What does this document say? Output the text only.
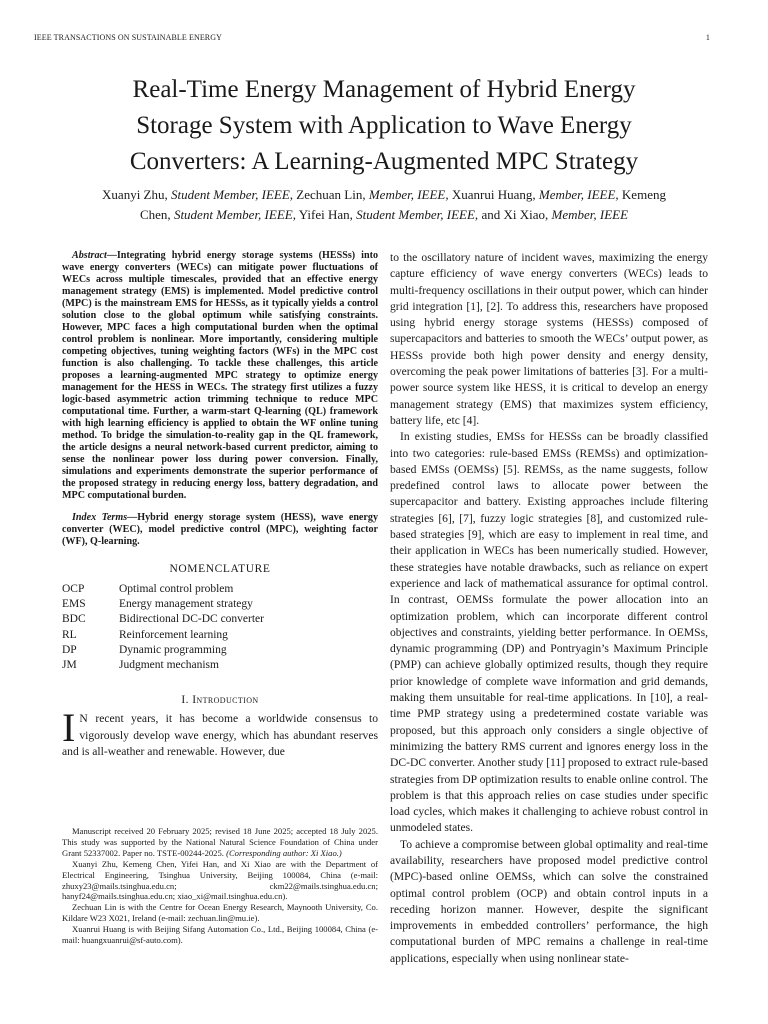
IEEE TRANSACTIONS ON SUSTAINABLE ENERGY	1
Real-Time Energy Management of Hybrid Energy
Storage System with Application to Wave Energy
Converters: A Learning-Augmented MPC Strategy

Xuanyi Zhu, Student Member, IEEE, Zechuan Lin, Member, IEEE, Xuanrui Huang, Member, IEEE, Kemeng Chen, Student Member, IEEE, Yifei Han, Student Member, IEEE, and Xi Xiao, Member, IEEE

Abstract—Integrating hybrid energy storage systems (HESSs) into wave energy converters (WECs) can mitigate power fluctuations of WECs across multiple timescales, provided that an effective energy management strategy (EMS) is implemented. Model predictive control (MPC) is the mainstream EMS for HESSs, as it typically yields a control solution close to the global optimum while satisfying constraints. However, MPC faces a high computational burden when the optimal control problem is nonlinear. More importantly, considering multiple competing objectives, tuning weighting factors (WFs) in the MPC cost function is also challenging. To tackle these challenges, this article proposes a learning-augmented MPC strategy to optimize energy management for the HESS in WECs. The strategy first utilizes a fuzzy logic-based asymmetric action trimming technique to reduce MPC computational time. Further, a warm-start Q-learning (QL) framework with high learning efficiency is applied to obtain the WF online tuning method. To bridge the simulation-to-reality gap in the QL framework, the article designs a neural network-based current predictor, aiming to sense the nonlinear power loss during power conversion. Finally, simulations and experiments demonstrate the superior performance of the proposed strategy in reducing energy loss, battery degradation, and MPC computational burden.

Index Terms—Hybrid energy storage system (HESS), wave energy converter (WEC), model predictive control (MPC), weighting factor (WF), Q-learning.

NOMENCLATURE
OCP	Optimal control problem
EMS	Energy management strategy
BDC	Bidirectional DC-DC converter
RL	Reinforcement learning
DP	Dynamic programming
JM	Judgment mechanism
I. Introduction

I N recent years, it has become a worldwide consensus to vigorously develop wave energy, which has abundant reserves and is all-weather and renewable. However, due

Manuscript received 20 February 2025; revised 18 June 2025; accepted 18 July 2025. This study was supported by the National Natural Science Foundation of China under Grant 52337002. Paper no. TSTE-00244-2025. (Corresponding author: Xi Xiao.)

Xuanyi Zhu, Kemeng Chen, Yifei Han, and Xi Xiao are with the Department of Electrical Engineering, Tsinghua University, Beijing 100084, China (e-mail: zhuxy23@mails.tsinghua.edu.cn; ckm22@mails.tsinghua.edu.cn; hanyf24@mails.tsinghua.edu.cn; xiao_xi@mail.tsinghua.edu.cn).

Zechuan Lin is with the Centre for Ocean Energy Research, Maynooth University, Co. Kildare W23 X021, Ireland (e-mail: zechuan.lin@mu.ie).

Xuanrui Huang is with Beijing Sifang Automation Co., Ltd., Beijing 100084, China (e-mail: huangxuanrui@sf-auto.com).

to the oscillatory nature of incident waves, maximizing the energy capture efficiency of wave energy converters (WECs) leads to multi-frequency oscillations in their output power, which can hinder grid integration [1], [2]. To address this, researchers have proposed using hybrid energy storage systems (HESSs) composed of supercapacitors and batteries to smooth the WECs’ output power, as HESSs provide both high power density and energy density, overcoming the peak power limitations of batteries [3]. For a multi-power source system like HESS, it is critical to develop an energy management strategy (EMS) that maximizes system efficiency, battery life, etc [4].

In existing studies, EMSs for HESSs can be broadly classified into two categories: rule-based EMSs (REMSs) and optimization-based EMSs (OEMSs) [5]. REMSs, as the name suggests, follow predefined control laws to allocate power between the supercapacitor and battery. Existing approaches include filtering strategies [6], [7], fuzzy logic strategies [8], and customized rule-based strategies [9], which are easy to implement in real time, and their application in WECs has been numerically studied. However, these strategies have notable drawbacks, such as reliance on expert experience and lack of mathematical assurance for optimal control. In contrast, OEMSs formulate the power allocation into an optimization problem, which can incorporate different control objectives and constraints, yielding better performance. In OEMSs, dynamic programming (DP) and Pontryagin’s Maximum Principle (PMP) can achieve globally optimized results, though they require prior knowledge of complete wave information and grid demands, making them unsuitable for real-time applications. In [10], a real-time PMP strategy using a predetermined costate variable was proposed, but this approach only considers a single objective of minimizing the battery RMS current and ignores energy loss in the DC-DC converter. Another study [11] proposed to extract rule-based strategies from DP optimization results to enable online control. The problem is that this approach relies on case studies under specific load cycles, which makes it challenging to achieve robust control in unmodeled states.

To achieve a compromise between global optimality and real-time availability, researchers have proposed model predictive control (MPC)-based online OEMSs, which can solve the constrained optimal control problem (OCP) and obtain control inputs in a receding horizon manner. However, despite the significant improvements in embedded controllers’ performance, the high computational burden of MPC remains a challenge in real-time applications, especially when using nonlinear state-
